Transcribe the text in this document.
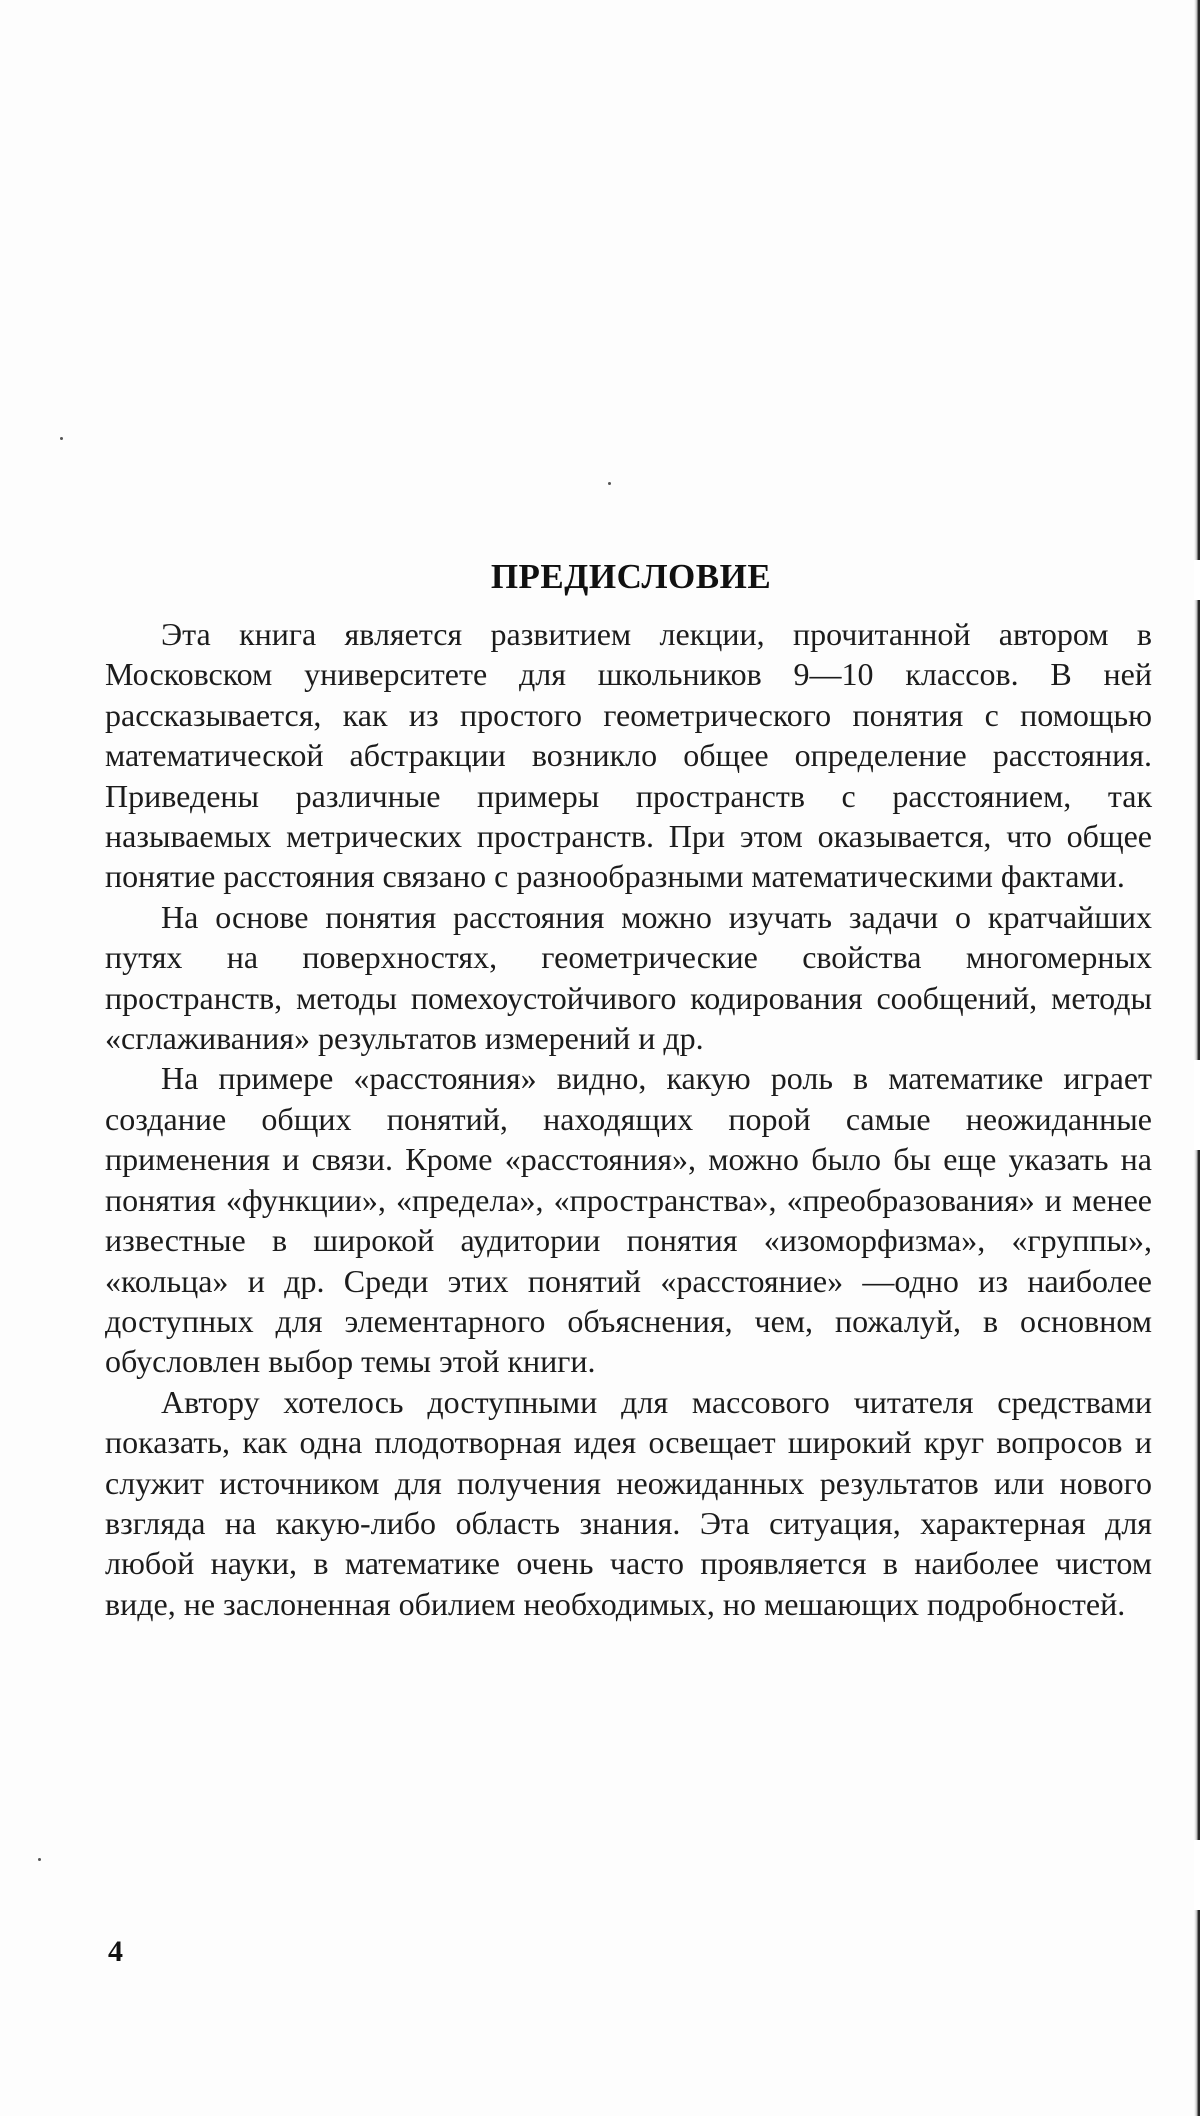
ПРЕДИСЛОВИЕ

Эта книга является развитием лекции, прочитанной автором в Московском университете для школьников 9—10 классов. В ней рассказывается, как из простого геометрического понятия с помощью математической абстракции возникло общее определение расстояния. Приведены различные примеры пространств с расстоянием, так называемых метрических пространств. При этом оказывается, что общее понятие расстояния связано с разнообразными математическими фактами.

На основе понятия расстояния можно изучать задачи о кратчайших путях на поверхностях, геометрические свойства многомерных пространств, методы помехоустойчивого кодирования сообщений, методы «сглаживания» результатов измерений и др.

На примере «расстояния» видно, какую роль в математике играет создание общих понятий, находящих порой самые неожиданные применения и связи. Кроме «расстояния», можно было бы еще указать на понятия «функции», «предела», «пространства», «преобразования» и менее известные в широкой аудитории понятия «изоморфизма», «группы», «кольца» и др. Среди этих понятий «расстояние» —одно из наиболее доступных для элементарного объяснения, чем, пожалуй, в основном обусловлен выбор темы этой книги.

Автору хотелось доступными для массового читателя средствами показать, как одна плодотворная идея освещает широкий круг вопросов и служит источником для получения неожиданных результатов или нового взгляда на какую-либо область знания. Эта ситуация, характерная для любой науки, в математике очень часто проявляется в наиболее чистом виде, не заслоненная обилием необходимых, но мешающих подробностей.

4
